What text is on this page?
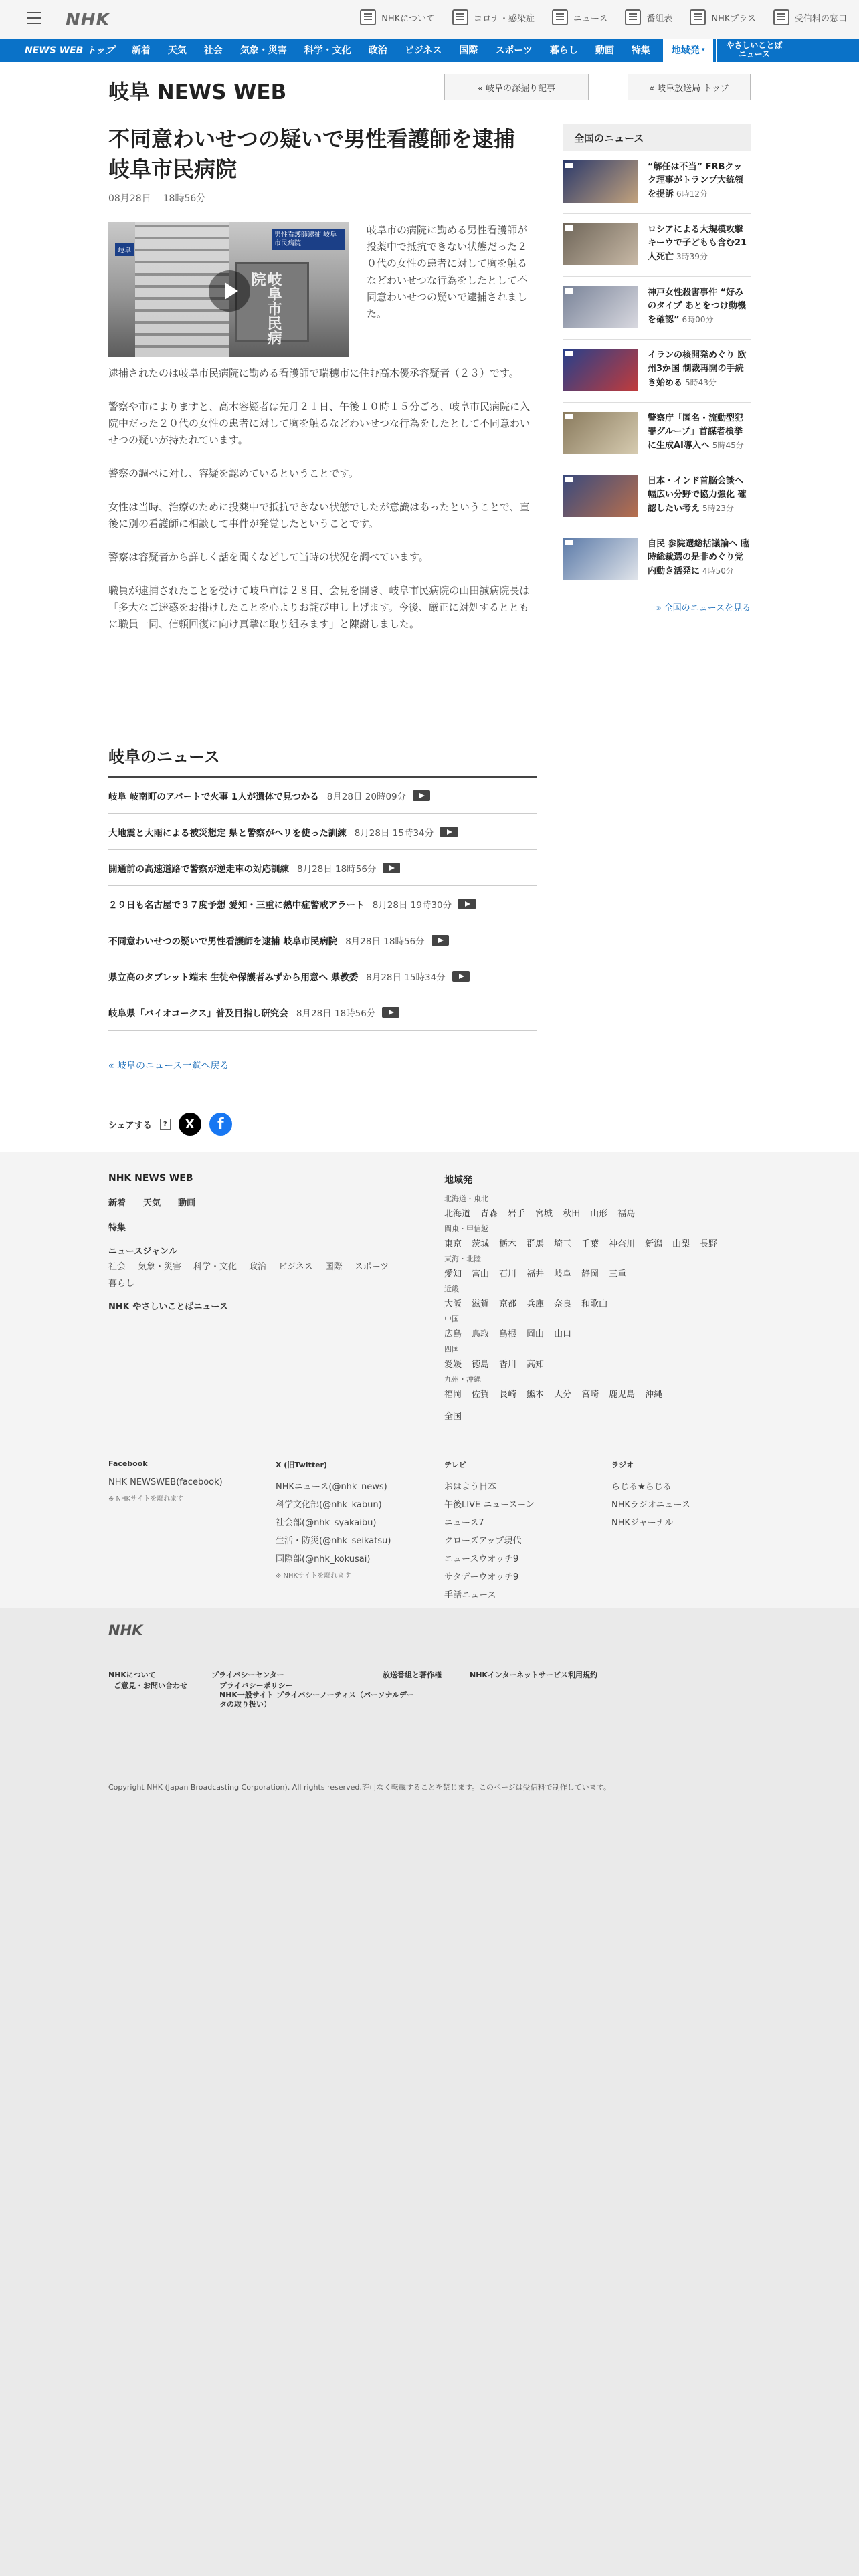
NHK	NHKについて	コロナ・感染症	ニュース	番組表	NHKプラス	受信料の窓口
NEWS WEB トップ	新着	天気	社会	気象・災害	科学・文化	政治	ビジネス	国際	スポーツ	暮らし	動画	特集	地域発 ▾	やさしいことば
ニュース
岐阜 NEWS WEB	« 岐阜の深掘り記事	« 岐阜放送局 トップ
不同意わいせつの疑いで男性看護師を逮捕 岐阜市民病院
08月28日 18時56分
岐阜市民病院
男性看護師逮捕 岐阜市民病院
岐阜

岐阜市の病院に勤める男性看護師が投薬中で抵抗できない状態だった２０代の女性の患者に対して胸を触るなどわいせつな行為をしたとして不同意わいせつの疑いで逮捕されました。

逮捕されたのは岐阜市民病院に勤める看護師で瑞穂市に住む高木優丞容疑者（２３）です。

警察や市によりますと、高木容疑者は先月２１日、午後１０時１５分ごろ、岐阜市民病院に入院中だった２０代の女性の患者に対して胸を触るなどわいせつな行為をしたとして不同意わいせつの疑いが持たれています。

警察の調べに対し、容疑を認めているということです。

女性は当時、治療のために投薬中で抵抗できない状態でしたが意識はあったということで、直後に別の看護師に相談して事件が発覚したということです。

警察は容疑者から詳しく話を聞くなどして当時の状況を調べています。

職員が逮捕されたことを受けて岐阜市は２８日、会見を開き、岐阜市民病院の山田誠病院長は「多大なご迷惑をお掛けしたことを心よりお詫び申し上げます。今後、厳正に対処するとともに職員一同、信頼回復に向け真摯に取り組みます」と陳謝しました。

全国のニュース
“解任は不当” FRBクック理事がトランプ大統領を提訴 6時12分
ロシアによる大規模攻撃 キーウで子どもも含む21人死亡 3時39分
神戸女性殺害事件 “好みのタイプ あとをつけ動機を確認” 6時00分
イランの核開発めぐり 欧州3か国 制裁再開の手続き始める 5時43分
警察庁「匿名・流動型犯罪グループ」首謀者検挙に生成AI導入へ 5時45分
日本・インド首脳会談へ 幅広い分野で協力強化 確認したい考え 5時23分
自民 参院選総括議論へ 臨時総裁選の是非めぐり党内動き活発に 4時50分
» 全国のニュースを見る
岐阜のニュース
岐阜 岐南町のアパートで火事 1人が遺体で見つかる 8月28日 20時09分
大地震と大雨による被災想定 県と警察がヘリを使った訓練 8月28日 15時34分
開通前の高速道路で警察が逆走車の対応訓練 8月28日 18時56分
２９日も名古屋で３７度予想 愛知・三重に熱中症警戒アラート 8月28日 19時30分
不同意わいせつの疑いで男性看護師を逮捕 岐阜市民病院 8月28日 18時56分
県立高のタブレット端末 生徒や保護者みずから用意へ 県教委 8月28日 15時34分
岐阜県「バイオコークス」普及目指し研究会 8月28日 18時56分
« 岐阜のニュース一覧へ戻る
シェアする	?	X	f
NHK NEWS WEB
新着 天気 動画
特集
ニュースジャンル
社会 気象・災害 科学・文化 政治 ビジネス 国際 スポーツ
暮らし
NHK やさしいことばニュース
地域発
北海道・東北
北海道 青森 岩手 宮城 秋田 山形 福島
関東・甲信越
東京 茨城 栃木 群馬 埼玉 千葉 神奈川 新潟 山梨 長野
東海・北陸
愛知 富山 石川 福井 岐阜 静岡 三重
近畿
大阪 滋賀 京都 兵庫 奈良 和歌山
中国
広島 鳥取 島根 岡山 山口
四国
愛媛 徳島 香川 高知
九州・沖縄
福岡 佐賀 長崎 熊本 大分 宮崎 鹿児島 沖縄
全国
Facebook
NHK NEWSWEB(facebook)
※ NHKサイトを離れます
X (旧Twitter)
NHKニュース(@nhk_news)
科学文化部(@nhk_kabun)
社会部(@nhk_syakaibu)
生活・防災(@nhk_seikatsu)
国際部(@nhk_kokusai)
※ NHKサイトを離れます
テレビ
おはよう日本
午後LIVE ニュースーン
ニュース7
クローズアップ現代
ニュースウオッチ9
サタデーウオッチ9
手話ニュース
ラジオ
らじる★らじる
NHKラジオニュース
NHKジャーナル
NHK
NHKについて
ご意見・お問い合わせ
プライバシーセンター
プライバシーポリシー
NHK一般サイト プライバシーノーティス（パーソナルデータの取り扱い）
放送番組と著作権	NHKインターネットサービス利用規約
Copyright NHK (Japan Broadcasting Corporation). All rights reserved.許可なく転載することを禁じます。このページは受信料で制作しています。
